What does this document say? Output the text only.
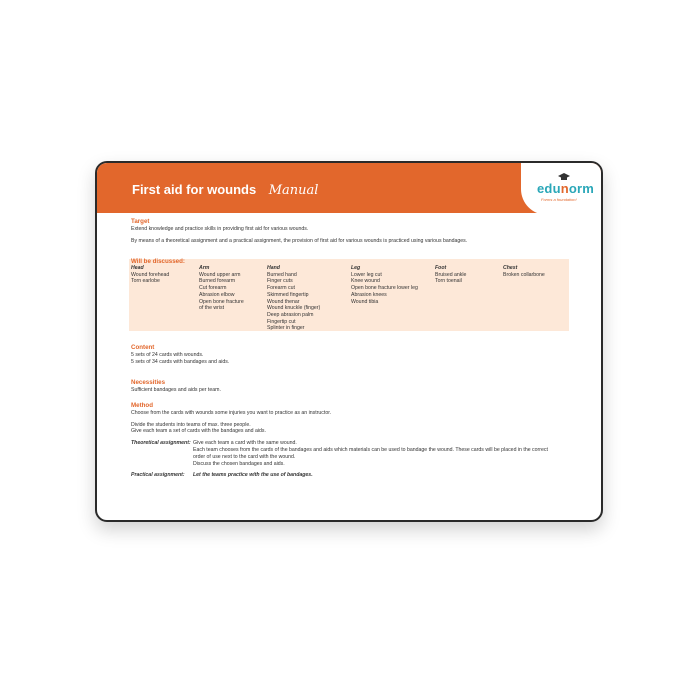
First aid for wounds Manual	edunorm
Forms a foundation!
Target

Extend knowledge and practice skills in providing first aid for various wounds.

By means of a theoretical assignment and a practical assignment, the provision of first aid for various wounds is practiced using various bandages.

Will be discussed:
Head
Wound forehead
Torn earlobe
Arm
Wound upper arm
Burned forearm
Cut forearm
Abrasion elbow
Open bone fracture
of the wrist
Hand
Burned hand
Finger cuts
Forearm cut
Skimmed fingertip
Wound thenar
Wound knuckle (finger)
Deep abrasion palm
Fingertip cut
Splinter in finger
Leg
Lower leg cut
Knee wound
Open bone fracture lower leg
Abrasion knees
Wound tibia
Foot
Bruised ankle
Torn toenail
Chest
Broken collarbone
Content

5 sets of 24 cards with wounds.

5 sets of 34 cards with bandages and aids.

Necessities

Sufficient bandages and aids per team.

Method

Choose from the cards with wounds some injuries you want to practice as an instructor.

Divide the students into teams of max. three people.

Give each team a set of cards with the bandages and aids.

Theoretical assignment: Give each team a card with the same wound.

Each team chooses from the cards of the bandages and aids which materials can be used to bandage the wound. These cards will be placed in the correct

order of use next to the card with the wound.

Discuss the chosen bandages and aids.

Practical assignment:	Let the teams practice with the use of bandages.
